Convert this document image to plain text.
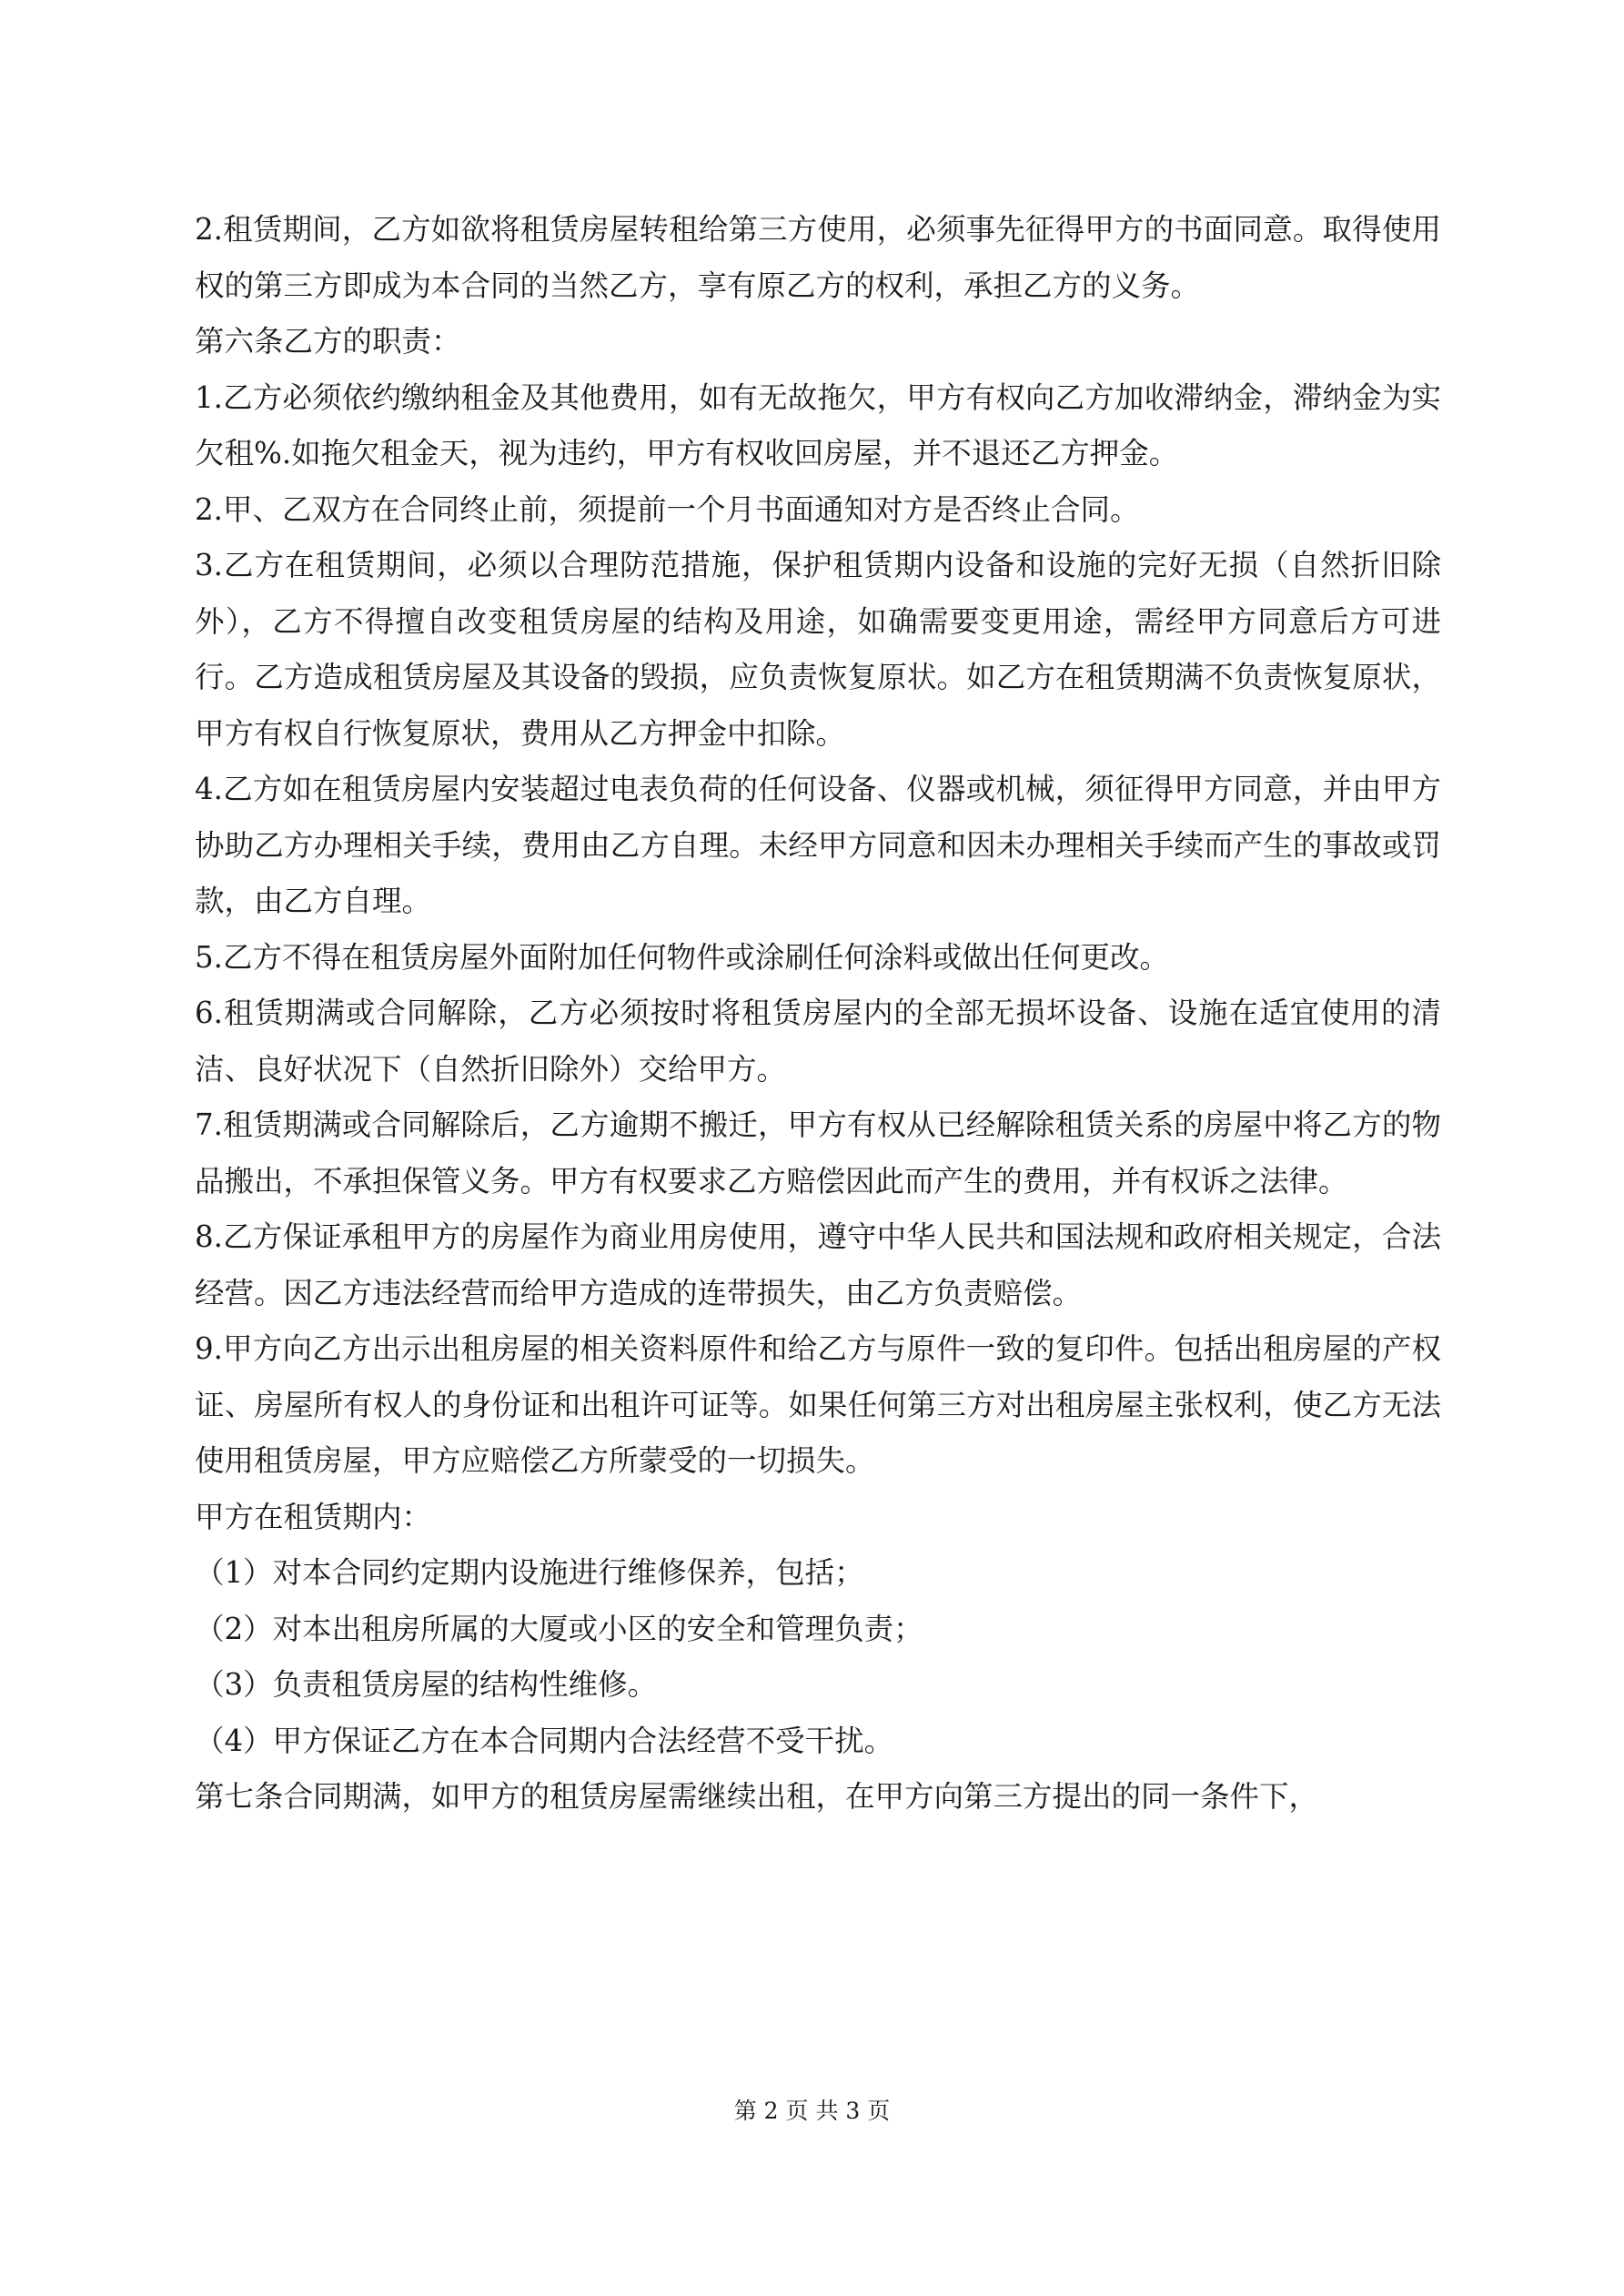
2.租赁期间，乙方如欲将租赁房屋转租给第三方使用，必须事先征得甲方的书面同意。取得使用权的第三方即成为本合同的当然乙方，享有原乙方的权利，承担乙方的义务。

第六条乙方的职责：

1.乙方必须依约缴纳租金及其他费用，如有无故拖欠，甲方有权向乙方加收滞纳金，滞纳金为实欠租%.如拖欠租金天，视为违约，甲方有权收回房屋，并不退还乙方押金。

2.甲、乙双方在合同终止前，须提前一个月书面通知对方是否终止合同。

3.乙方在租赁期间，必须以合理防范措施，保护租赁期内设备和设施的完好无损（自然折旧除外），乙方不得擅自改变租赁房屋的结构及用途，如确需要变更用途，需经甲方同意后方可进行。乙方造成租赁房屋及其设备的毁损，应负责恢复原状。如乙方在租赁期满不负责恢复原状，甲方有权自行恢复原状，费用从乙方押金中扣除。

4.乙方如在租赁房屋内安装超过电表负荷的任何设备、仪器或机械，须征得甲方同意，并由甲方协助乙方办理相关手续，费用由乙方自理。未经甲方同意和因未办理相关手续而产生的事故或罚款，由乙方自理。

5.乙方不得在租赁房屋外面附加任何物件或涂刷任何涂料或做出任何更改。

6.租赁期满或合同解除，乙方必须按时将租赁房屋内的全部无损坏设备、设施在适宜使用的清洁、良好状况下（自然折旧除外）交给甲方。

7.租赁期满或合同解除后，乙方逾期不搬迁，甲方有权从已经解除租赁关系的房屋中将乙方的物品搬出，不承担保管义务。甲方有权要求乙方赔偿因此而产生的费用，并有权诉之法律。

8.乙方保证承租甲方的房屋作为商业用房使用，遵守中华人民共和国法规和政府相关规定，合法经营。因乙方违法经营而给甲方造成的连带损失，由乙方负责赔偿。

9.甲方向乙方出示出租房屋的相关资料原件和给乙方与原件一致的复印件。包括出租房屋的产权证、房屋所有权人的身份证和出租许可证等。如果任何第三方对出租房屋主张权利，使乙方无法使用租赁房屋，甲方应赔偿乙方所蒙受的一切损失。

甲方在租赁期内：

（1）对本合同约定期内设施进行维修保养，包括；

（2）对本出租房所属的大厦或小区的安全和管理负责；

（3）负责租赁房屋的结构性维修。

（4）甲方保证乙方在本合同期内合法经营不受干扰。

第七条合同期满，如甲方的租赁房屋需继续出租，在甲方向第三方提出的同一条件下，

第 2 页 共 3 页
